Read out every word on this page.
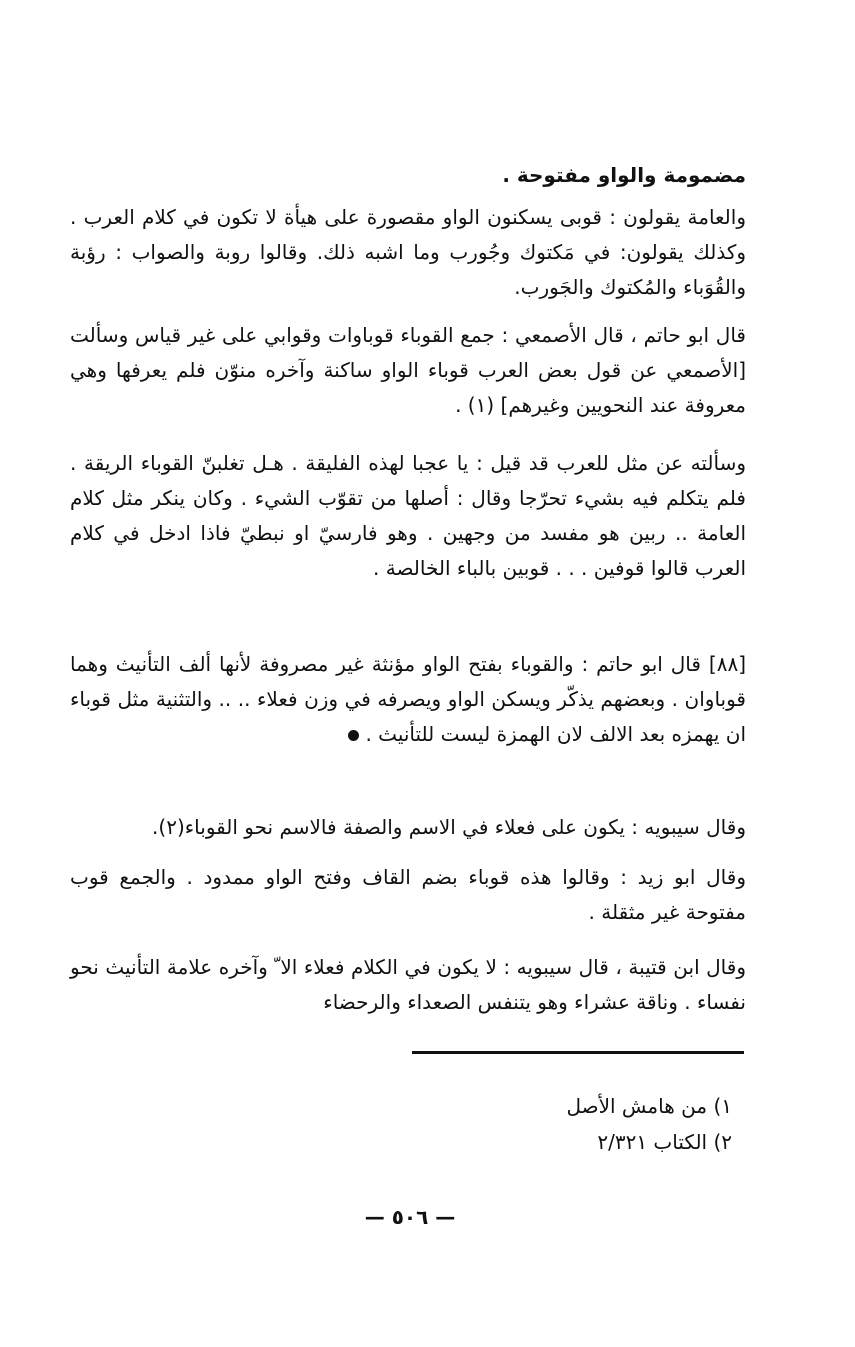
مضمومة والواو مفتوحة .

والعامة يقولون : قوبى يسكنون الواو مقصورة على هيأة لا تكون في كلام العرب . وكذلك يقولون: في مَكتوك وجُورب وما اشبه ذلك. وقالوا روبة والصواب : رؤبة والقُوَباء والمُكتوك والجَورب.

قال ابو حاتم ، قال الأصمعي : جمع القوباء قوباوات وقوابي على غير قياس وسألت [الأصمعي عن قول بعض العرب قوباء الواو ساكنة وآخره منوّن فلم يعرفها وهي معروفة عند النحويين وغيرهم] (١) .

وسألته عن مثل للعرب قد قيل : يا عجبا لهذه الفليقة . هـل تغلبنّ القوباء الريقة . فلم يتكلم فيه بشيء تحرّجا وقال : أصلها من تقوّب الشيء . وكان ينكر مثل كلام العامة .. ربين هو مفسد من وجهين . وهو فارسيّ او نبطيّ فاذا ادخل في كلام العرب قالوا قوفين . . . قوبين بالباء الخالصة .

[٨٨] قال ابو حاتم : والقوباء بفتح الواو مؤنثة غير مصروفة لأنها ألف التأنيث وهما قوباوان . وبعضهم يذكّر ويسكن الواو ويصرفه في وزن فعلاء .. .. والتثنية مثل قوباء ان يهمزه بعد الالف لان الهمزة ليست للتأنيث .

وقال سيبويه : يكون على فعلاء في الاسم والصفة فالاسم نحو القوباء(٢).

وقال ابو زيد : وقالوا هذه قوباء بضم القاف وفتح الواو ممدود . والجمع قوب مفتوحة غير مثقلة .

وقال ابن قتيبة ، قال سيبويه : لا يكون في الكلام فعلاء الا ّ وآخره علامة التأنيث نحو نفساء . وناقة عشراء وهو يتنفس الصعداء والرحضاء

١) من هامش الأصل
٢) الكتاب ٢/٣٢١
— ٥٠٦ —
